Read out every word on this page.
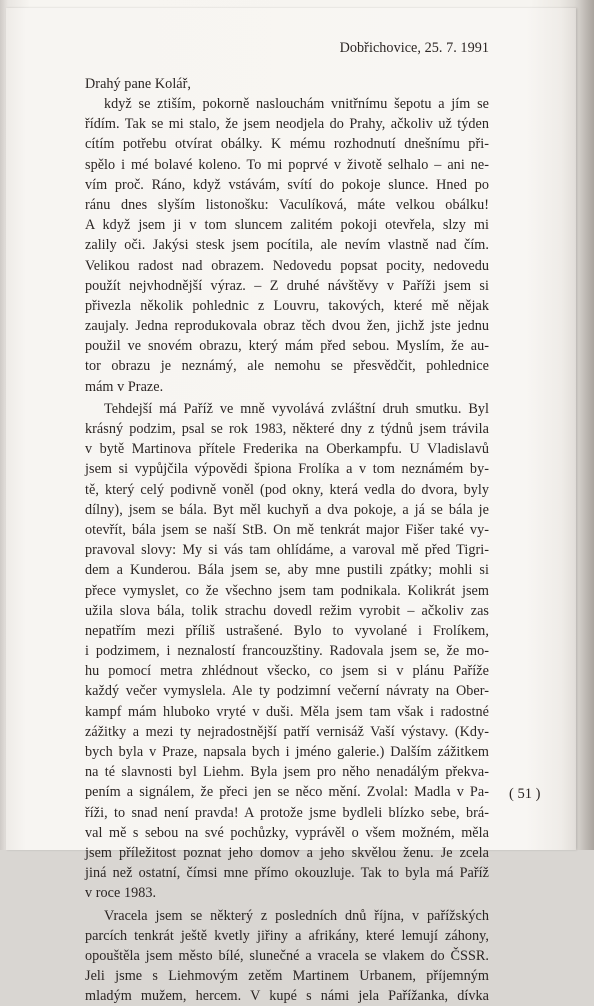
Dobřichovice, 25. 7. 1991
Drahý pane Kolář,
když se ztiším, pokorně naslouchám vnitřnímu šepotu a jím se
řídím. Tak se mi stalo, že jsem neodjela do Prahy, ačkoliv už týden
cítím potřebu otvírat obálky. K mému rozhodnutí dnešnímu při-
spělo i mé bolavé koleno. To mi poprvé v životě selhalo – ani ne-
vím proč. Ráno, když vstávám, svítí do pokoje slunce. Hned po
ránu dnes slyším listonošku: Vaculíková, máte velkou obálku!
A když jsem ji v tom sluncem zalitém pokoji otevřela, slzy mi
zalily oči. Jakýsi stesk jsem pocítila, ale nevím vlastně nad čím.
Velikou radost nad obrazem. Nedovedu popsat pocity, nedovedu
použít nejvhodnější výraz. – Z druhé návštěvy v Paříži jsem si
přivezla několik pohlednic z Louvru, takových, které mě nějak
zaujaly. Jedna reprodukovala obraz těch dvou žen, jichž jste jednu
použil ve snovém obrazu, který mám před sebou. Myslím, že au-
tor obrazu je neznámý, ale nemohu se přesvědčit, pohlednice
mám v Praze.
Tehdejší má Paříž ve mně vyvolává zvláštní druh smutku. Byl
krásný podzim, psal se rok 1983, některé dny z týdnů jsem trávila
v bytě Martinova přítele Frederika na Oberkampfu. U Vladislavů
jsem si vypůjčila výpovědi špiona Frolíka a v tom neznámém by-
tě, který celý podivně voněl (pod okny, která vedla do dvora, byly
dílny), jsem se bála. Byt měl kuchyň a dva pokoje, a já se bála je
otevřít, bála jsem se naší StB. On mě tenkrát major Fišer také vy-
pravoval slovy: My si vás tam ohlídáme, a varoval mě před Tigri-
dem a Kunderou. Bála jsem se, aby mne pustili zpátky; mohli si
přece vymyslet, co že všechno jsem tam podnikala. Kolikrát jsem
užila slova bála, tolik strachu dovedl režim vyrobit – ačkoliv zas
nepatřím mezi příliš ustrašené. Bylo to vyvolané i Frolíkem,
i podzimem, i neznalostí francouzštiny. Radovala jsem se, že mo-
hu pomocí metra zhlédnout všecko, co jsem si v plánu Paříže
každý večer vymyslela. Ale ty podzimní večerní návraty na Ober-
kampf mám hluboko vryté v duši. Měla jsem tam však i radostné
zážitky a mezi ty nejradostnější patří vernisáž Vaší výstavy. (Kdy-
bych byla v Praze, napsala bych i jméno galerie.) Dalším zážitkem
na té slavnosti byl Liehm. Byla jsem pro něho nenadálým překva-
pením a signálem, že přeci jen se něco mění. Zvolal: Madla v Pa-
říži, to snad není pravda! A protože jsme bydleli blízko sebe, brá-
val mě s sebou na své pochůzky, vyprávěl o všem možném, měla
jsem příležitost poznat jeho domov a jeho skvělou ženu. Je zcela
jiná než ostatní, čímsi mne přímo okouzluje. Tak to byla má Paříž
v roce 1983.
Vracela jsem se některý z posledních dnů října, v pařížských
parcích tenkrát ještě kvetly jiřiny a afrikány, které lemují záhony,
opouštěla jsem město bílé, slunečné a vracela se vlakem do ČSSR.
Jeli jsme s Liehmovým zetěm Martinem Urbanem, příjemným
mladým mužem, hercem. V kupé s námi jela Pařížanka, dívka
( 51 )
